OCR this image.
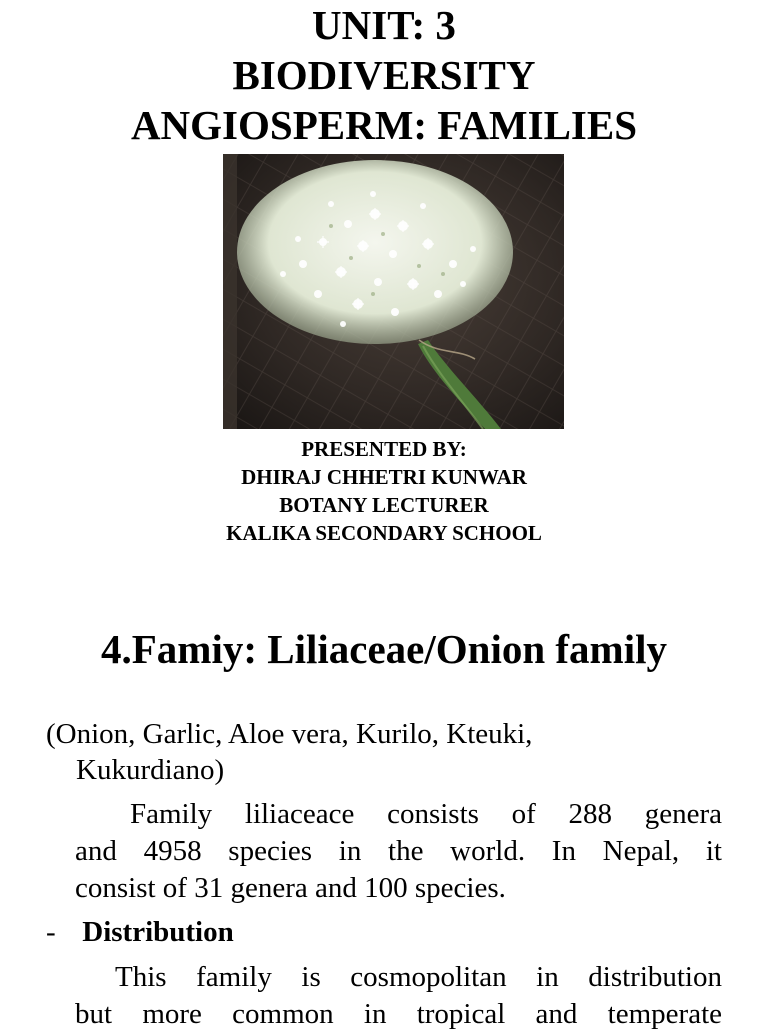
UNIT: 3
BIODIVERSITY
ANGIOSPERM: FAMILIES
PRESENTED BY:
DHIRAJ CHHETRI KUNWAR
BOTANY LECTURER
KALIKA SECONDARY SCHOOL
4.Famiy: Liliaceae/Onion family
(Onion, Garlic, Aloe vera, Kurilo, Kteuki,
Kukurdiano)
Family liliaceace consists of 288 genera
and 4958 species in the world. In Nepal, it
consist of 31 genera and 100 species.
- Distribution
This family is cosmopolitan in distribution
but more common in tropical and temperate
